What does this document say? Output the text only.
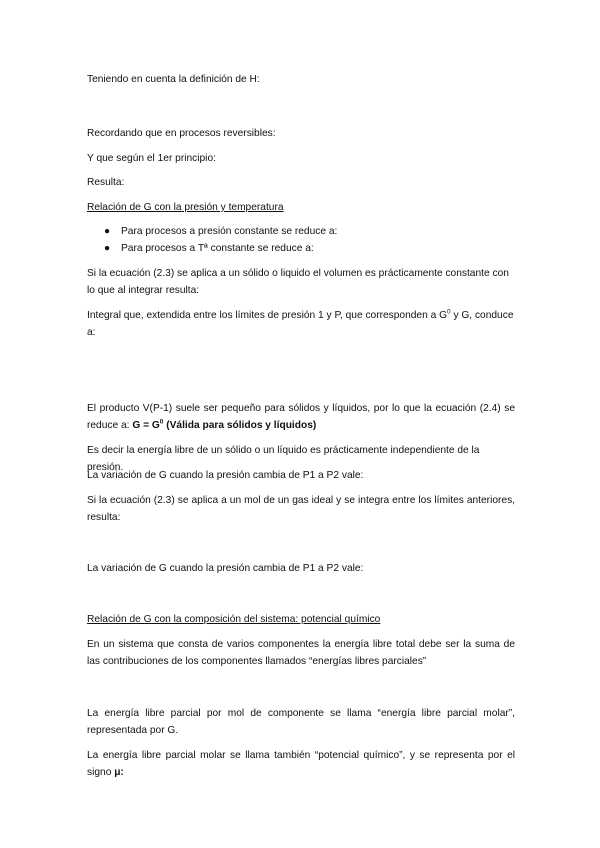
Teniendo en cuenta la definición de H:

Recordando que en procesos reversibles:

Y que según el 1er principio:

Resulta:

Relación de G con la presión y temperatura

● Para procesos a presión constante se reduce a:
● Para procesos a Tª constante se reduce a:

Si la ecuación (2.3) se aplica a un sólido o liquido el volumen es prácticamente constante con lo que al integrar resulta:

Integral que, extendida entre los límites de presión 1 y P, que corresponden a $G^0$ y G, conduce a:

El producto V(P-1) suele ser pequeño para sólidos y líquidos, por lo que la ecuación (2.4) se reduce a: $G = G^0$ (Válida para sólidos y líquidos)

Es decir la energía libre de un sólido o un líquido es prácticamente independiente de la presión.

La variación de G cuando la presión cambia de P1 a P2 vale:

Si la ecuación (2.3) se aplica a un mol de un gas ideal y se integra entre los límites anteriores, resulta:

La variación de G cuando la presión cambia de P1 a P2 vale:

Relación de G con la composición del sistema: potencial químico

En un sistema que consta de varios componentes la energía libre total debe ser la suma de las contribuciones de los componentes llamados “energías libres parciales”

La energía libre parcial por mol de componente se llama “energía libre parcial molar”, representada por G.

La energía libre parcial molar se llama también “potencial químico”, y se representa por el signo μ:
